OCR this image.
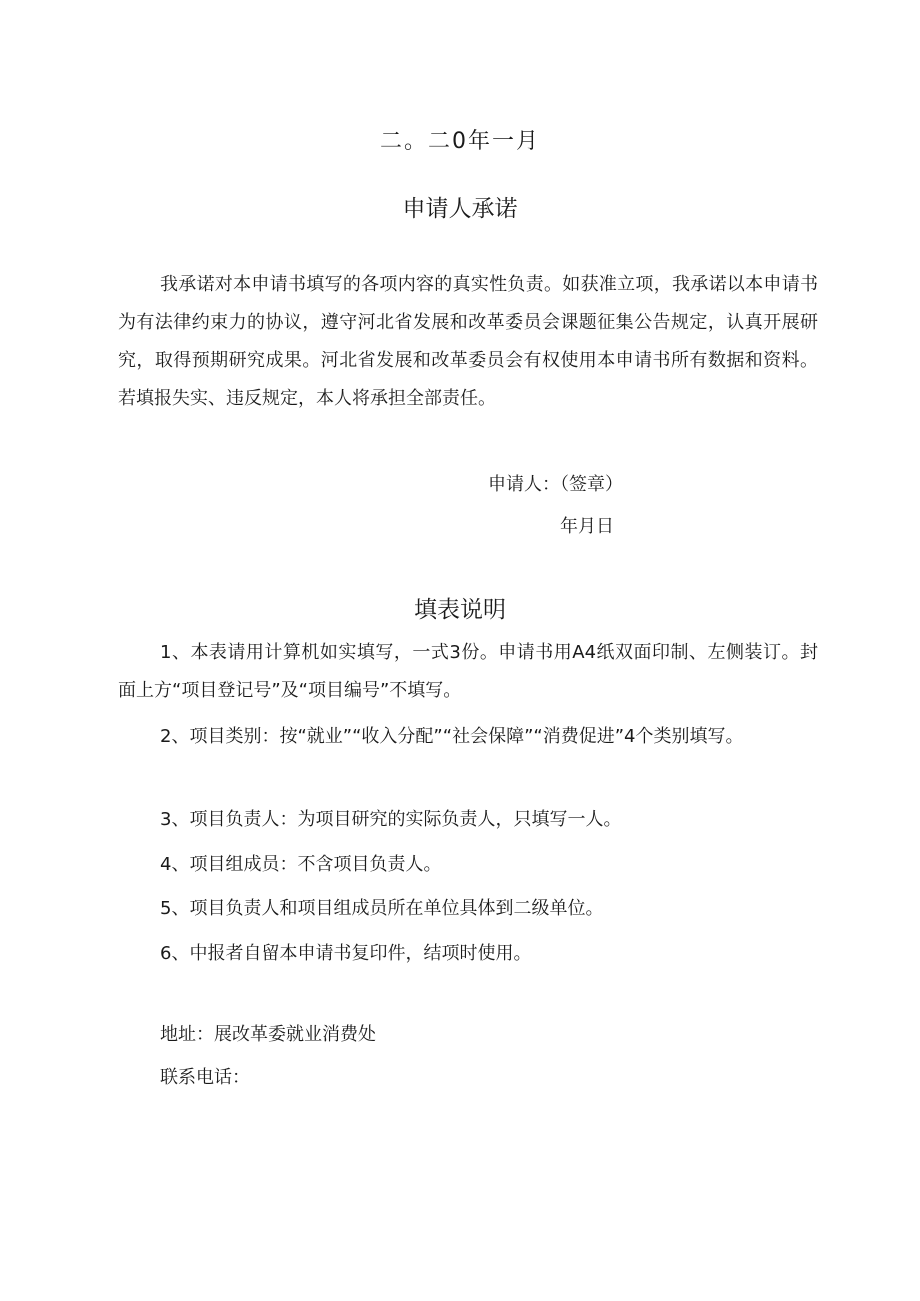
二。二0年一月
申请人承诺
我承诺对本申请书填写的各项内容的真实性负责。如获准立项，我承诺以本申请书为有法律约束力的协议，遵守河北省发展和改革委员会课题征集公告规定，认真开展研究，取得预期研究成果。河北省发展和改革委员会有权使用本申请书所有数据和资料。若填报失实、违反规定，本人将承担全部责任。
申请人：（签章）
年月日
填表说明
1、本表请用计算机如实填写，一式3份。申请书用A4纸双面印制、左侧装订。封面上方“项目登记号”及“项目编号”不填写。
2、项目类别：按“就业”“收入分配”“社会保障”“消费促进”4个类别填写。
3、项目负责人：为项目研究的实际负责人，只填写一人。
4、项目组成员：不含项目负责人。
5、项目负责人和项目组成员所在单位具体到二级单位。
6、中报者自留本申请书复印件，结项时使用。
地址：展改革委就业消费处
联系电话：
